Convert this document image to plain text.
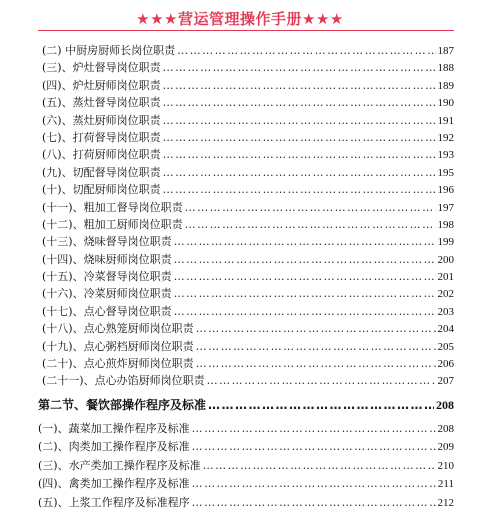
★★★营运管理操作手册★★★
(二) 中厨房厨师长岗位职责 ………………………………………………………………………………………………………………………………………………………………	187
(三)、炉灶督导岗位职责 ………………………………………………………………………………………………………………………………………………………………	188
(四)、炉灶厨师岗位职责 ………………………………………………………………………………………………………………………………………………………………	189
(五)、蒸灶督导岗位职责 ………………………………………………………………………………………………………………………………………………………………	190
(六)、蒸灶厨师岗位职责 ………………………………………………………………………………………………………………………………………………………………	191
(七)、打荷督导岗位职责 ………………………………………………………………………………………………………………………………………………………………	192
(八)、打荷厨师岗位职责 ………………………………………………………………………………………………………………………………………………………………	193
(九)、切配督导岗位职责 ………………………………………………………………………………………………………………………………………………………………	195
(十)、切配厨师岗位职责 ………………………………………………………………………………………………………………………………………………………………	196
(十一)、粗加工督导岗位职责 ………………………………………………………………………………………………………………………………………………………………	197
(十二)、粗加工厨师岗位职责 ………………………………………………………………………………………………………………………………………………………………	198
(十三)、烧味督导岗位职责 ………………………………………………………………………………………………………………………………………………………………	199
(十四)、烧味厨师岗位职责 ………………………………………………………………………………………………………………………………………………………………	200
(十五)、冷菜督导岗位职责 ………………………………………………………………………………………………………………………………………………………………	201
(十六)、冷菜厨师岗位职责 ………………………………………………………………………………………………………………………………………………………………	202
(十七)、点心督导岗位职责 ………………………………………………………………………………………………………………………………………………………………	203
(十八)、点心熟笼厨师岗位职责 ………………………………………………………………………………………………………………………………………………………………	204
(十九)、点心粥档厨师岗位职责 ………………………………………………………………………………………………………………………………………………………………	205
(二十)、点心煎炸厨师岗位职责 ………………………………………………………………………………………………………………………………………………………………	206
(二十一)、点心办馅厨师岗位职责 ………………………………………………………………………………………………………………………………………………………………	207
第二节、餐饮部操作程序及标准 ………………………………………………………………………………………………………………………………………………………………	208
(一)、蔬菜加工操作程序及标准 ………………………………………………………………………………………………………………………………………………………………	208
(二)、肉类加工操作程序及标准 ………………………………………………………………………………………………………………………………………………………………	209
(三)、水产类加工操作程序及标准 ………………………………………………………………………………………………………………………………………………………………	210
(四)、禽类加工操作程序及标准 ………………………………………………………………………………………………………………………………………………………………	211
(五)、上浆工作程序及标准程序 ………………………………………………………………………………………………………………………………………………………………	212
